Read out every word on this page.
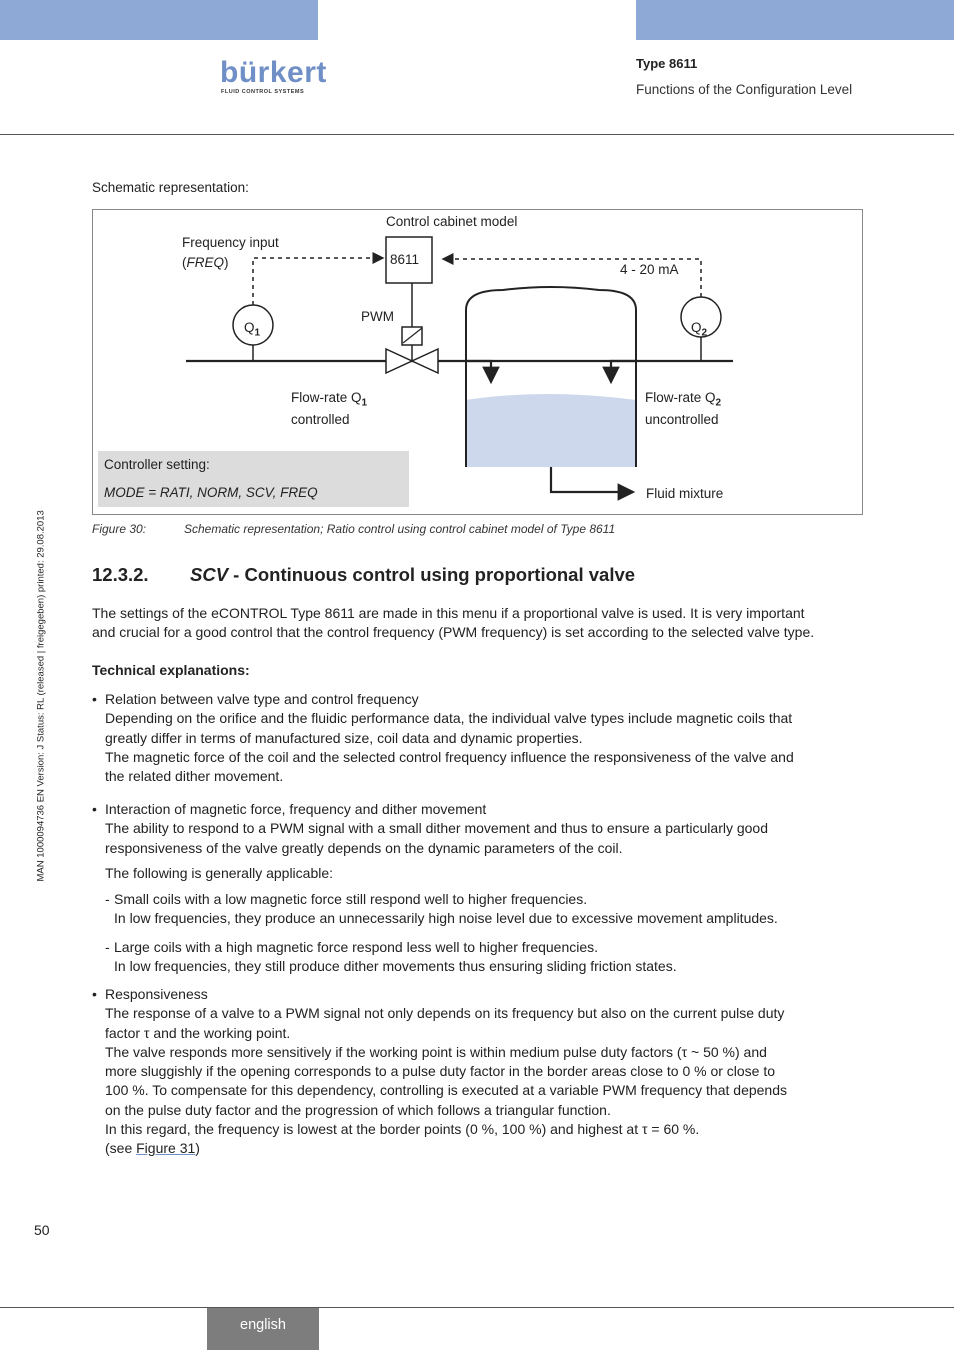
bürkert
FLUID CONTROL SYSTEMS
Type 8611
Functions of the Configuration Level
Schematic representation:
Control cabinet model
Frequency input
(FREQ)	8611
4 - 20 mA
$Q_1$	$Q_2$
PWM
Flow-rate $Q_1$
controlled
Flow-rate $Q_2$
uncontrolled
Controller setting:
MODE = RATI, NORM, SCV, FREQ	Fluid mixture
Figure 30:	Schematic representation; Ratio control using control cabinet model of Type 8611
12.3.2. SCV - Continuous control using proportional valve
The settings of the eCONTROL Type 8611 are made in this menu if a proportional valve is used. It is very important
and crucial for a good control that the control frequency (PWM frequency) is set according to the selected valve type.
Technical explanations:
• Relation between valve type and control frequency
Depending on the orifice and the fluidic performance data, the individual valve types include magnetic coils that
greatly differ in terms of manufactured size, coil data and dynamic properties.
The magnetic force of the coil and the selected control frequency influence the responsiveness of the valve and
the related dither movement.
• Interaction of magnetic force, frequency and dither movement
The ability to respond to a PWM signal with a small dither movement and thus to ensure a particularly good
responsiveness of the valve greatly depends on the dynamic parameters of the coil.
The following is generally applicable:
- Small coils with a low magnetic force still respond well to higher frequencies.
In low frequencies, they produce an unnecessarily high noise level due to excessive movement amplitudes.
- Large coils with a high magnetic force respond less well to higher frequencies.
In low frequencies, they still produce dither movements thus ensuring sliding friction states.
• Responsiveness
The response of a valve to a PWM signal not only depends on its frequency but also on the current pulse duty
factor τ and the working point.
The valve responds more sensitively if the working point is within medium pulse duty factors (τ ~ 50 %) and
more sluggishly if the opening corresponds to a pulse duty factor in the border areas close to 0 % or close to
100 %. To compensate for this dependency, controlling is executed at a variable PWM frequency that depends
on the pulse duty factor and the progression of which follows a triangular function.
In this regard, the frequency is lowest at the border points (0 %, 100 %) and highest at τ = 60 %.
(see Figure 31)
MAN 1000094736 EN Version: J Status: RL (released | freigegeben) printed: 29.08.2013
50
english
